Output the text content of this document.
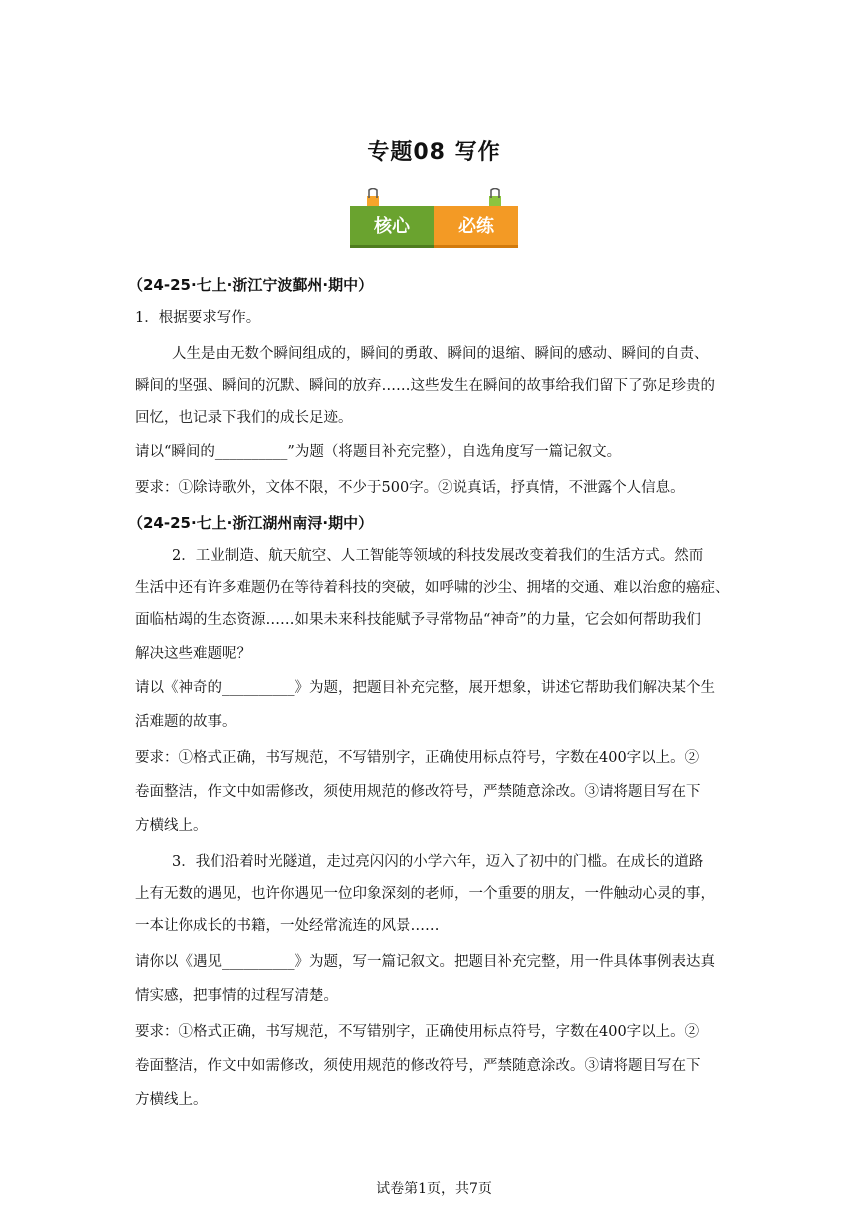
专题08 写作
核心	必练
（24-25·七上·浙江宁波鄞州·期中）
1．根据要求写作。
人生是由无数个瞬间组成的，瞬间的勇敢、瞬间的退缩、瞬间的感动、瞬间的自责、
瞬间的坚强、瞬间的沉默、瞬间的放弃……这些发生在瞬间的故事给我们留下了弥足珍贵的
回忆，也记录下我们的成长足迹。
请以“瞬间的__________”为题（将题目补充完整），自选角度写一篇记叙文。
要求：①除诗歌外，文体不限，不少于500字。②说真话，抒真情，不泄露个人信息。
（24-25·七上·浙江湖州南浔·期中）
2．工业制造、航天航空、人工智能等领域的科技发展改变着我们的生活方式。然而
生活中还有许多难题仍在等待着科技的突破，如呼啸的沙尘、拥堵的交通、难以治愈的癌症、
面临枯竭的生态资源……如果未来科技能赋予寻常物品“神奇”的力量，它会如何帮助我们
解决这些难题呢？
请以《神奇的__________》为题，把题目补充完整，展开想象，讲述它帮助我们解决某个生
活难题的故事。
要求：①格式正确，书写规范，不写错别字，正确使用标点符号，字数在400字以上。②
卷面整洁，作文中如需修改，须使用规范的修改符号，严禁随意涂改。③请将题目写在下
方横线上。
3．我们沿着时光隧道，走过亮闪闪的小学六年，迈入了初中的门槛。在成长的道路
上有无数的遇见，也许你遇见一位印象深刻的老师，一个重要的朋友，一件触动心灵的事，
一本让你成长的书籍，一处经常流连的风景……
请你以《遇见__________》为题，写一篇记叙文。把题目补充完整，用一件具体事例表达真
情实感，把事情的过程写清楚。
要求：①格式正确，书写规范，不写错别字，正确使用标点符号，字数在400字以上。②
卷面整洁，作文中如需修改，须使用规范的修改符号，严禁随意涂改。③请将题目写在下
方横线上。
试卷第1页，共7页
